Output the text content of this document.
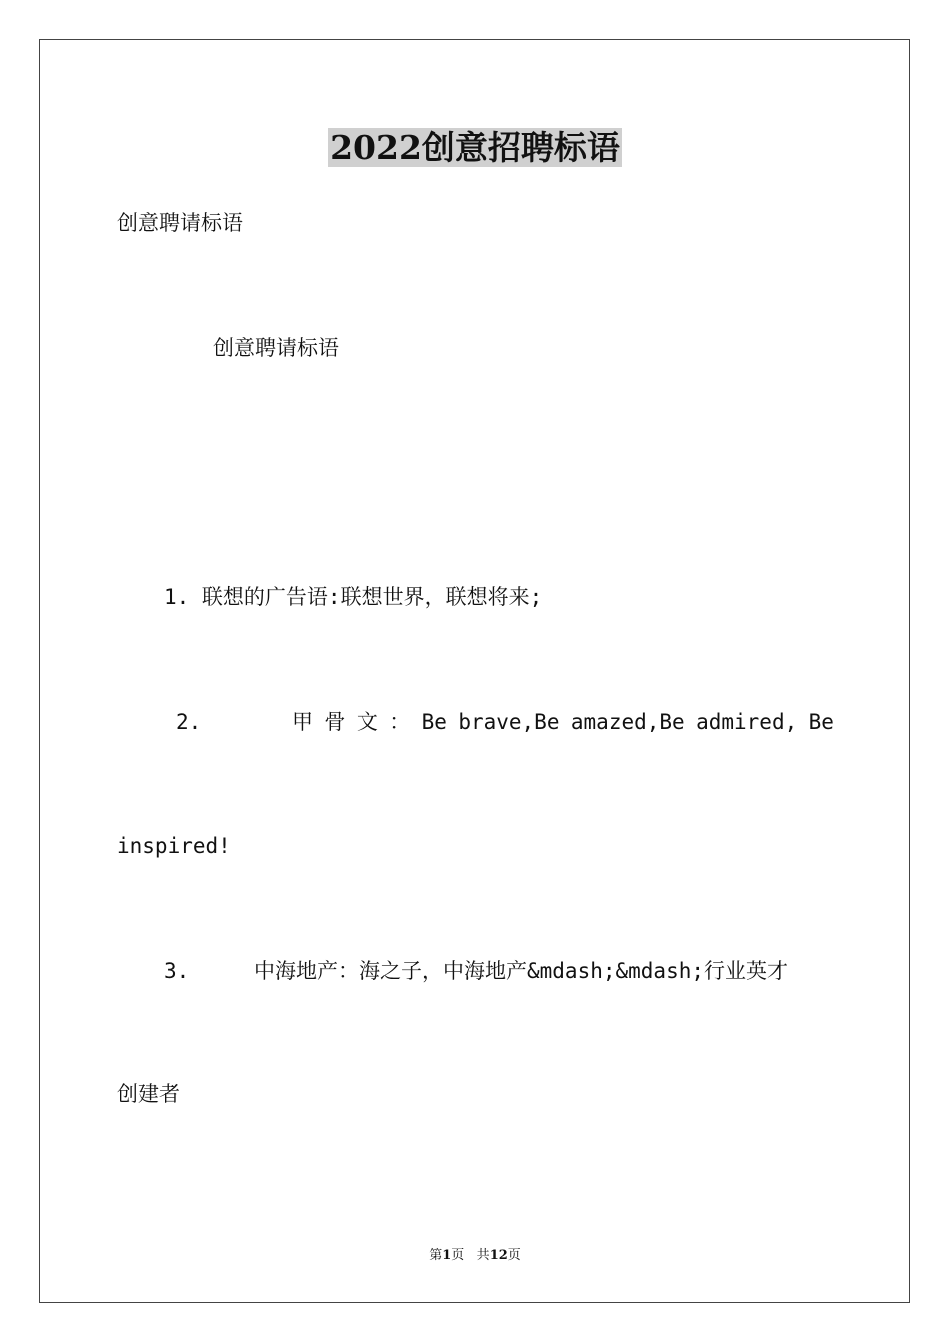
2022创意招聘标语
创意聘请标语
创意聘请标语
1. 联想的广告语:联想世界，联想将来;
2.	甲 骨 文 ： Be brave,Be amazed,Be admired, Be
inspired!
3.	中海地产：海之子，中海地产&mdash;&mdash;行业英才
创建者
第1页 共12页
